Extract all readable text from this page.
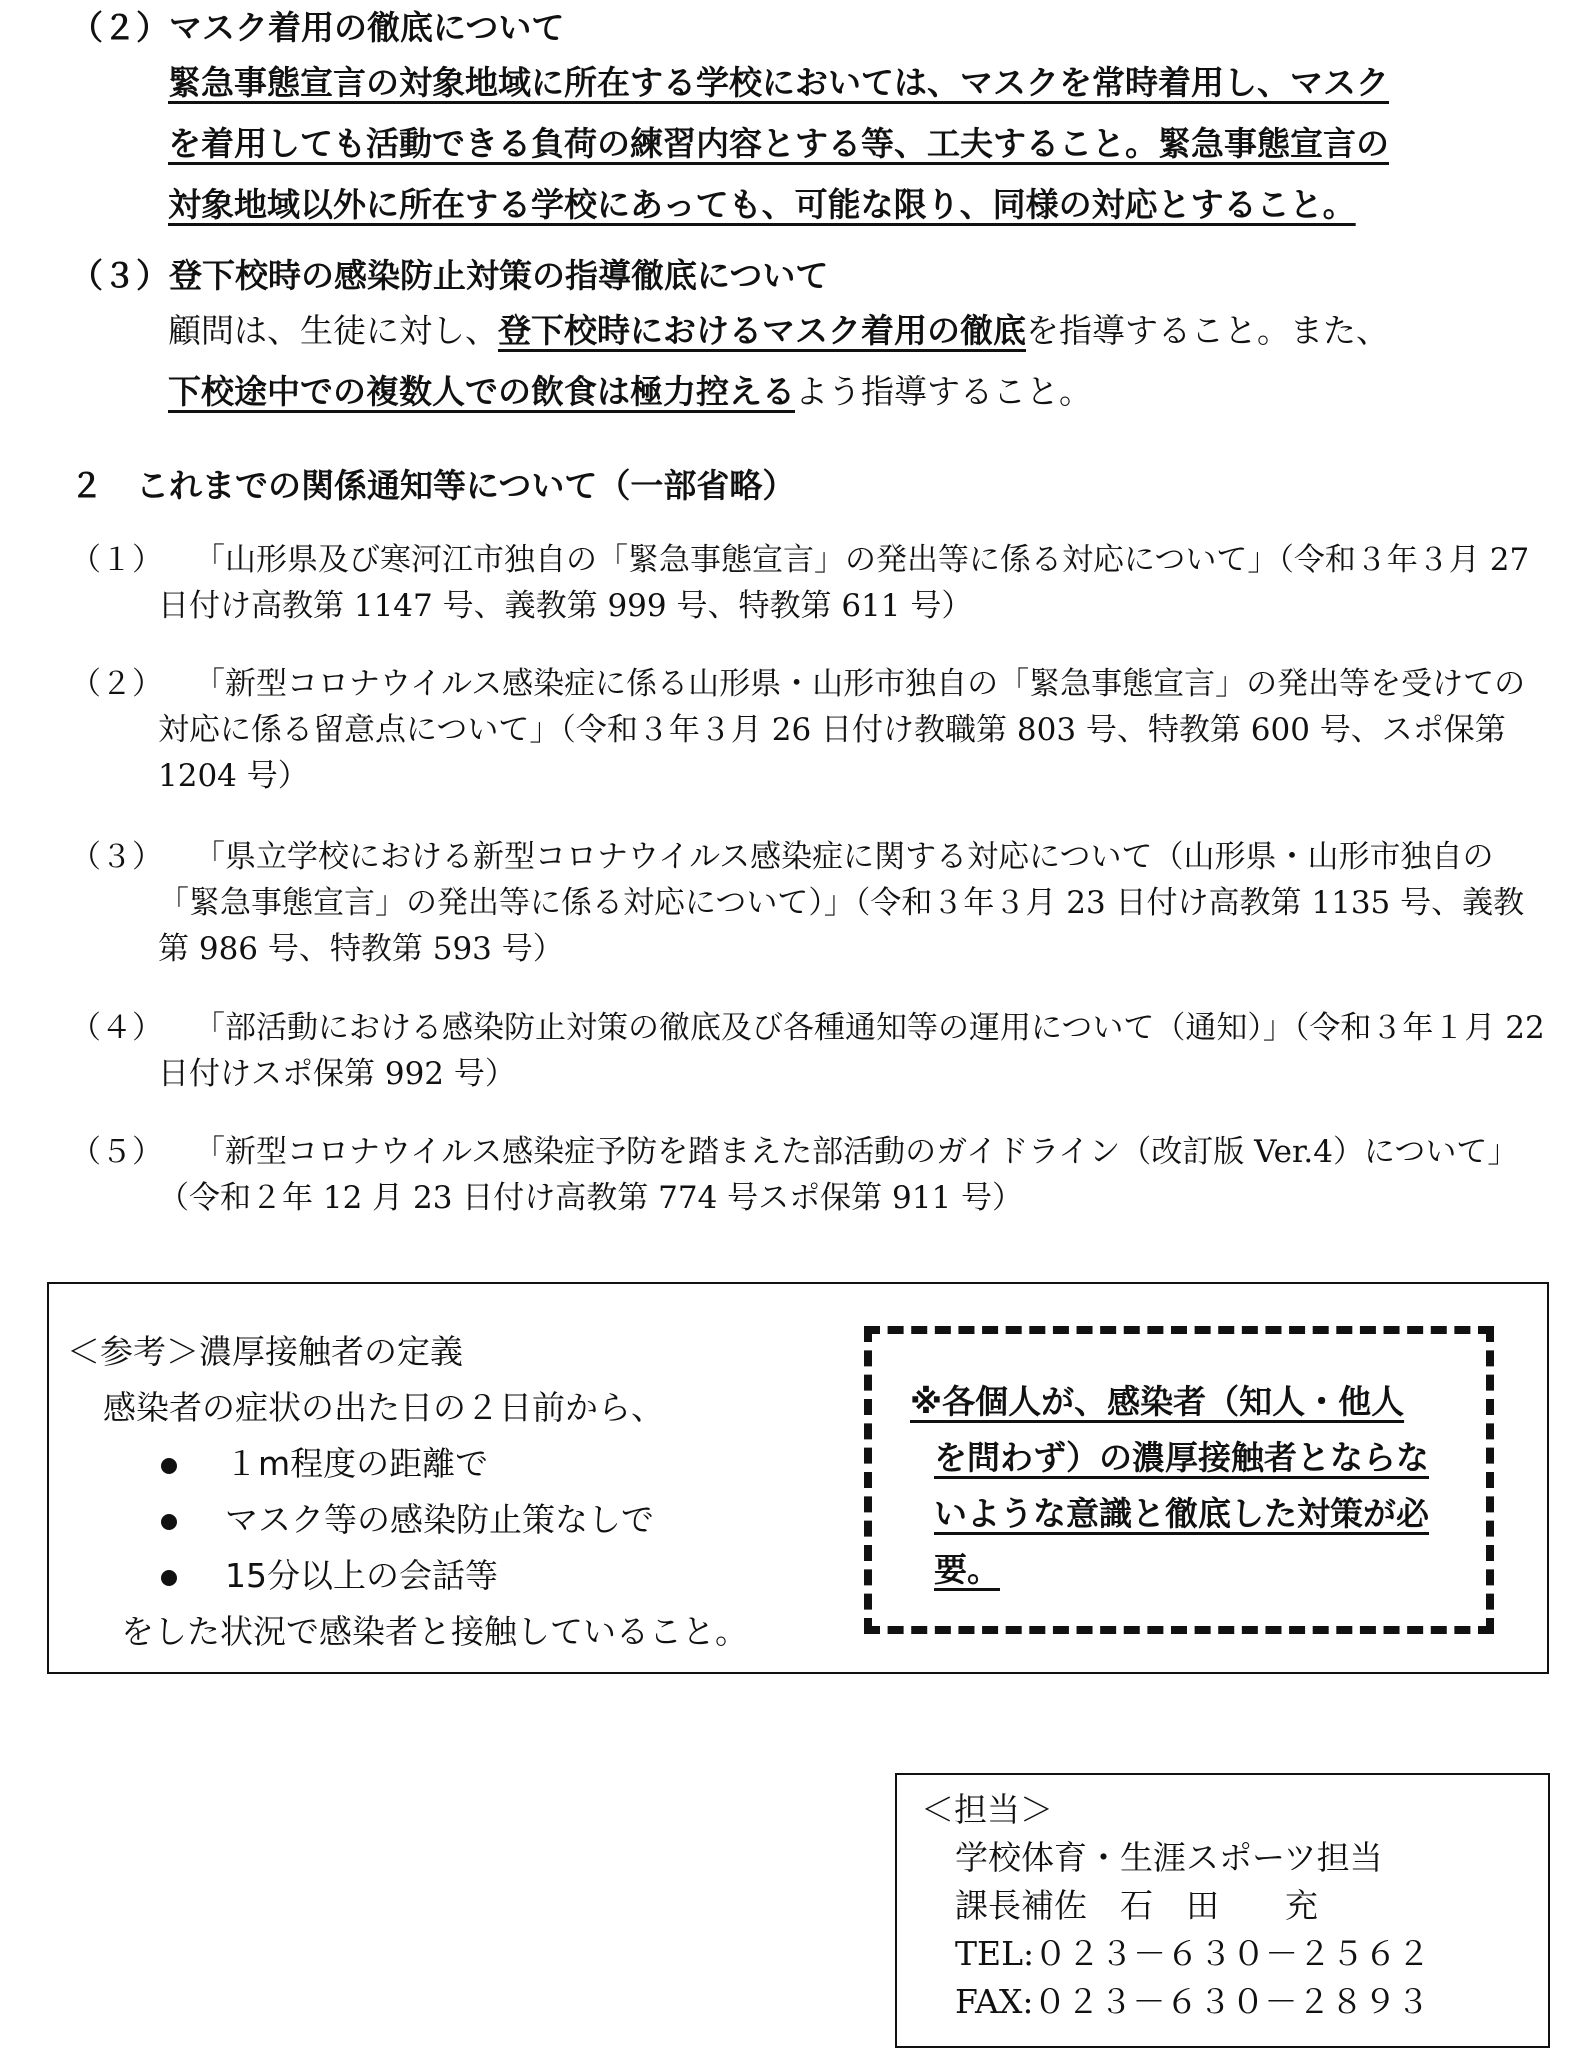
（２）マスク着用の徹底について
緊急事態宣言の対象地域に所在する学校においては、マスクを常時着用し、マスク
を着用しても活動できる負荷の練習内容とする等、工夫すること。緊急事態宣言の
対象地域以外に所在する学校にあっても、可能な限り、同様の対応とすること。
（３）登下校時の感染防止対策の指導徹底について
顧問は、生徒に対し、登下校時におけるマスク着用の徹底を指導すること。また、
下校途中での複数人での飲食は極力控えるよう指導すること。
２　これまでの関係通知等について（一部省略）
（１）	「山形県及び寒河江市独自の「緊急事態宣言」の発出等に係る対応について」（令和３年３月 27 日付け高教第 1147 号、義教第 999 号、特教第 611 号）
（２）	「新型コロナウイルス感染症に係る山形県・山形市独自の「緊急事態宣言」の発出等を受けての対応に係る留意点について」（令和３年３月 26 日付け教職第 803 号、特教第 600 号、スポ保第 1204 号）
（３）	「県立学校における新型コロナウイルス感染症に関する対応について（山形県・山形市独自の「緊急事態宣言」の発出等に係る対応について）」（令和３年３月 23 日付け高教第 1135 号、義教第 986 号、特教第 593 号）
（４）	「部活動における感染防止対策の徹底及び各種通知等の運用について（通知）」（令和３年１月 22 日付けスポ保第 992 号）
（５）	「新型コロナウイルス感染症予防を踏まえた部活動のガイドライン（改訂版 Ver.4）について」（令和２年 12 月 23 日付け高教第 774 号スポ保第 911 号）
＜参考＞濃厚接触者の定義
感染者の症状の出た日の２日前から、
１m程度の距離で
マスク等の感染防止策なしで
15分以上の会話等
をした状況で感染者と接触していること。
※各個人が、感染者（知人・他人
を問わず）の濃厚接触者とならな
いような意識と徹底した対策が必
要。
＜担当＞
学校体育・生涯スポーツ担当
課長補佐　石　田　　充
TEL:０２３－６３０－２５６２
FAX:０２３－６３０－２８９３
